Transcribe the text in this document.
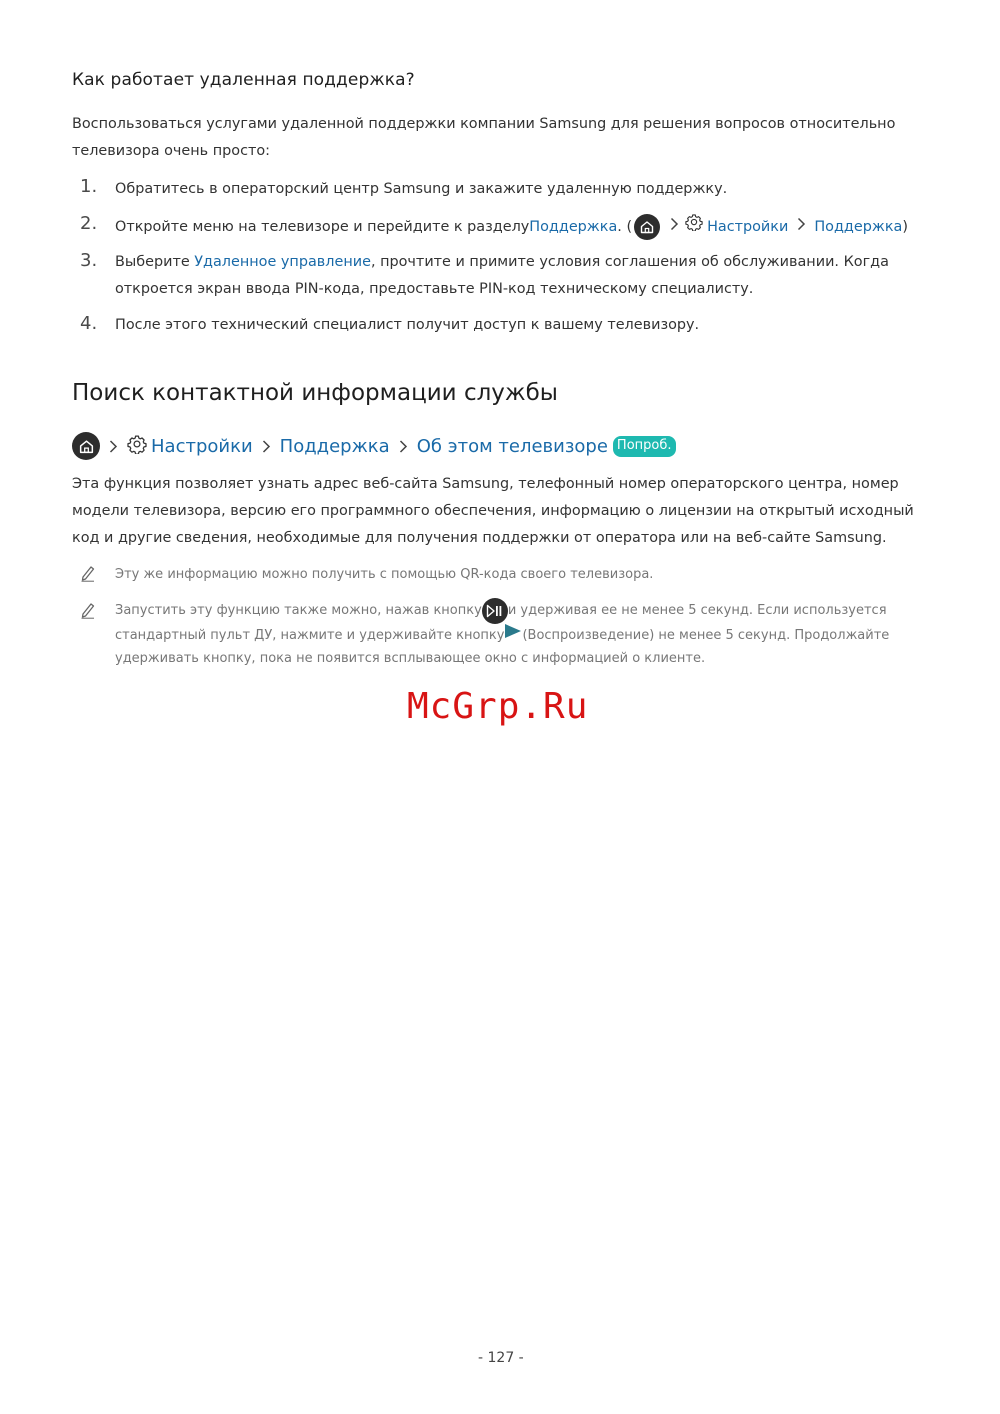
Как работает удаленная поддержка?
Воспользоваться услугами удаленной поддержки компании Samsung для решения вопросов относительно
телевизора очень просто:
1. Обратитесь в операторский центр Samsung и закажите удаленную поддержку.
2. Откройте меню на телевизоре и перейдите к разделу Поддержка . (	Настройки Поддержка )
3. Выберите Удаленное управление, прочтите и примите условия соглашения об обслуживании. Когда
откроется экран ввода PIN-кода, предоставьте PIN-код техническому специалисту.
4. После этого технический специалист получит доступ к вашему телевизору.
Поиск контактной информации службы
Настройки Поддержка Об этом телевизоре Попроб.
Эта функция позволяет узнать адрес веб-сайта Samsung, телефонный номер операторского центра, номер
модели телевизора, версию его программного обеспечения, информацию о лицензии на открытый исходный
код и другие сведения, необходимые для получения поддержки от оператора или на веб-сайте Samsung.
Эту же информацию можно получить с помощью QR-кода своего телевизора.
Запустить эту функцию также можно, нажав кнопку и удерживая ее не менее 5 секунд. Если используется
стандартный пульт ДУ, нажмите и удерживайте кнопку (Воспроизведение) не менее 5 секунд. Продолжайте
удерживать кнопку, пока не появится всплывающее окно с информацией о клиенте.
McGrp.Ru
- 127 -
